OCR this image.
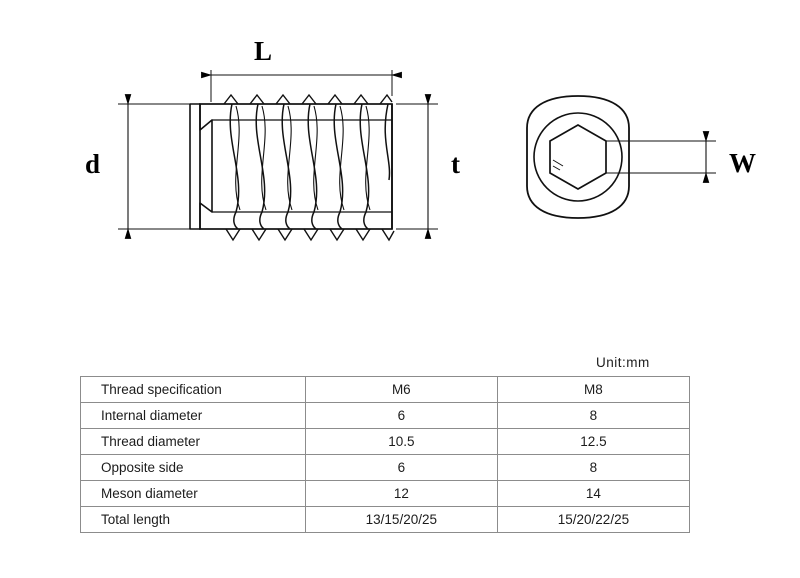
L
d	t	W
Unit:mm
Thread specification	M6	M8
Internal diameter	6	8
Thread diameter	10.5	12.5
Opposite side	6	8
Meson diameter	12	14
Total length	13/15/20/25	15/20/22/25
